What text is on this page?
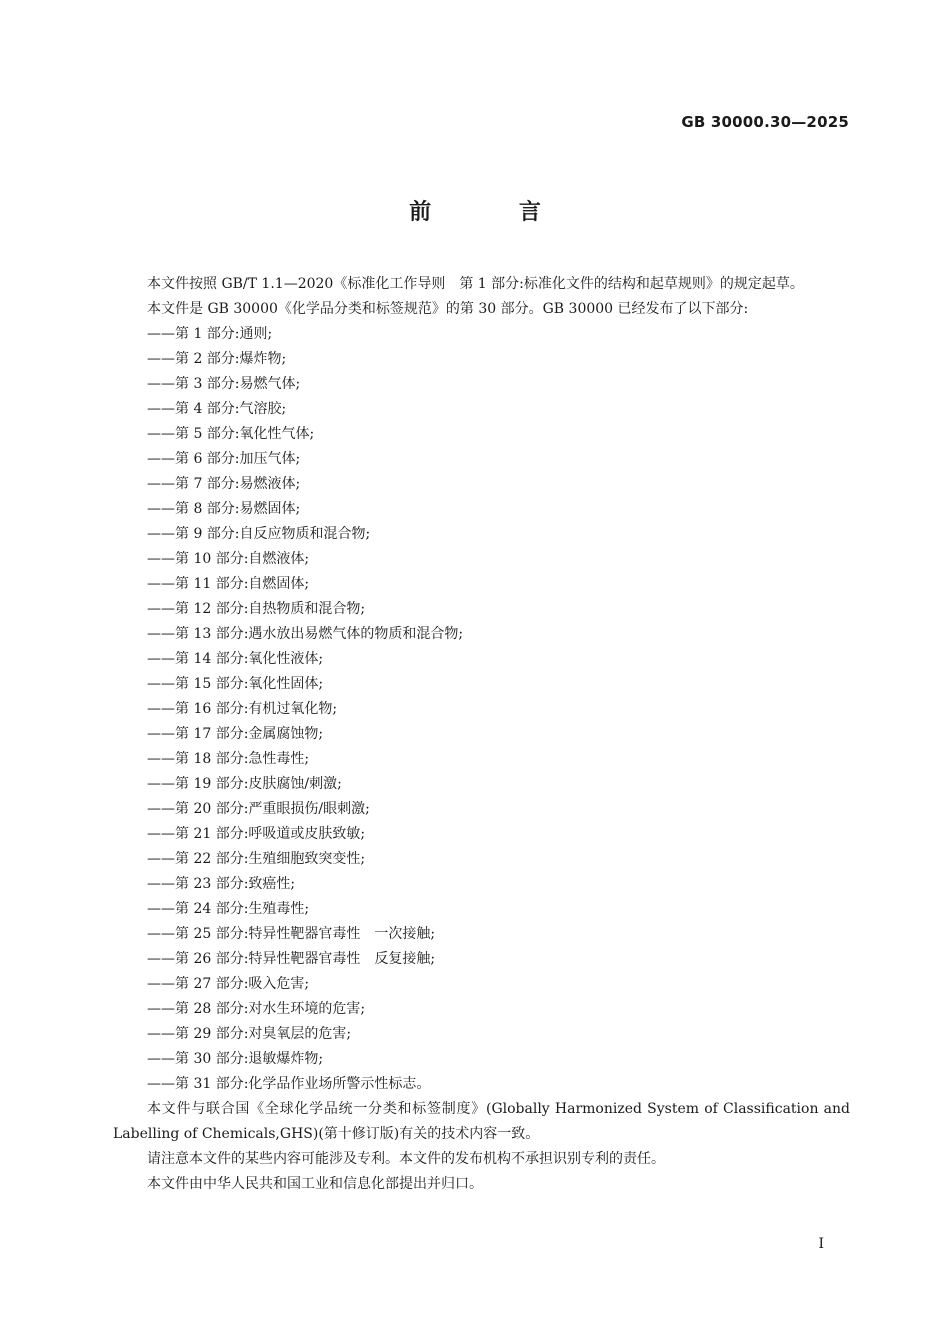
GB 30000.30—2025
前 言

本文件按照 GB/T 1.1—2020《标准化工作导则　第 1 部分:标准化文件的结构和起草规则》的规定起草。

本文件是 GB 30000《化学品分类和标签规范》的第 30 部分。GB 30000 已经发布了以下部分:

——第 1 部分:通则;
——第 2 部分:爆炸物;
——第 3 部分:易燃气体;
——第 4 部分:气溶胶;
——第 5 部分:氧化性气体;
——第 6 部分:加压气体;
——第 7 部分:易燃液体;
——第 8 部分:易燃固体;
——第 9 部分:自反应物质和混合物;
——第 10 部分:自燃液体;
——第 11 部分:自燃固体;
——第 12 部分:自热物质和混合物;
——第 13 部分:遇水放出易燃气体的物质和混合物;
——第 14 部分:氧化性液体;
——第 15 部分:氧化性固体;
——第 16 部分:有机过氧化物;
——第 17 部分:金属腐蚀物;
——第 18 部分:急性毒性;
——第 19 部分:皮肤腐蚀/刺激;
——第 20 部分:严重眼损伤/眼刺激;
——第 21 部分:呼吸道或皮肤致敏;
——第 22 部分:生殖细胞致突变性;
——第 23 部分:致癌性;
——第 24 部分:生殖毒性;
——第 25 部分:特异性靶器官毒性　一次接触;
——第 26 部分:特异性靶器官毒性　反复接触;
——第 27 部分:吸入危害;
——第 28 部分:对水生环境的危害;
——第 29 部分:对臭氧层的危害;
——第 30 部分:退敏爆炸物;
——第 31 部分:化学品作业场所警示性标志。

本文件与联合国《全球化学品统一分类和标签制度》(Globally Harmonized System of Classification and Labelling of Chemicals,GHS)(第十修订版)有关的技术内容一致。

请注意本文件的某些内容可能涉及专利。本文件的发布机构不承担识别专利的责任。

本文件由中华人民共和国工业和信息化部提出并归口。

I
